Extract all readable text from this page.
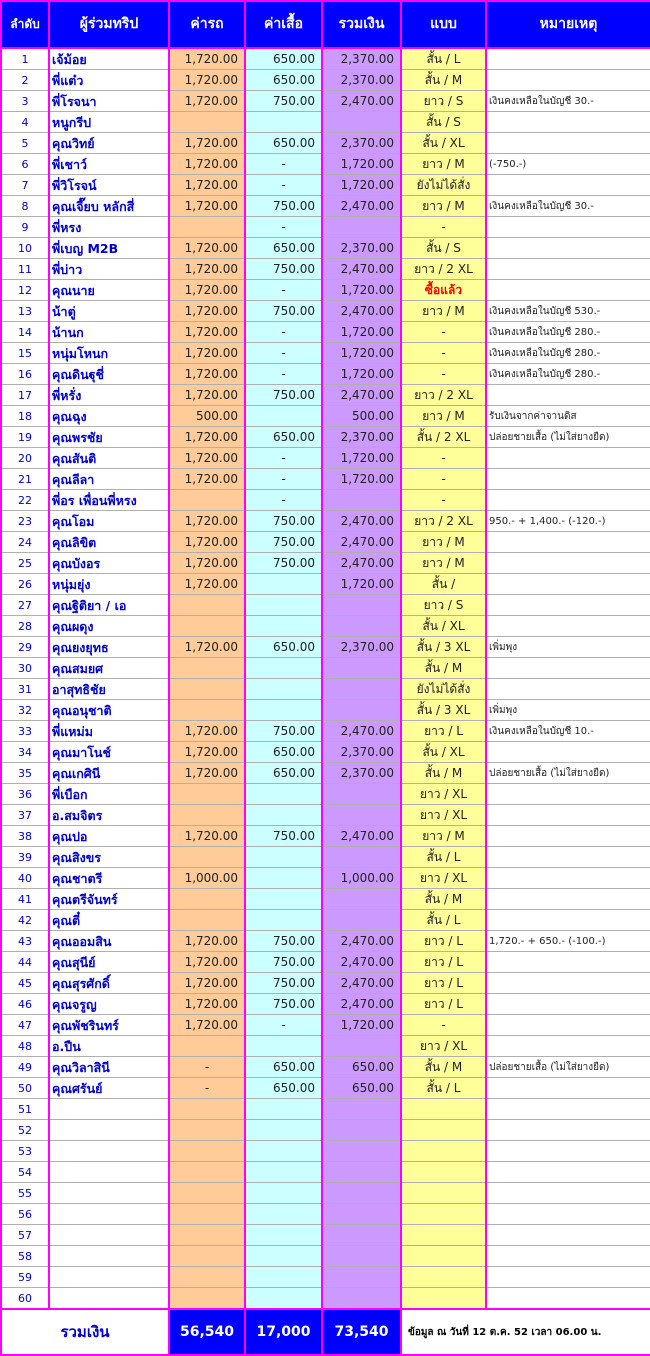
ลำดับ	ผู้ร่วมทริป	ค่ารถ	ค่าเสื้อ	รวมเงิน	แบบ	หมายเหตุ
1	เจ้ม้อย	1,720.00	650.00	2,370.00	สั้น / L	
2	พี่แต๋ว	1,720.00	650.00	2,370.00	สั้น / M	
3	พี่โรจนา	1,720.00	750.00	2,470.00	ยาว / S	เงินคงเหลือในบัญชี 30.-
4	หนูกรีป				สั้น / S	
5	คุณวิทย์	1,720.00	650.00	2,370.00	สั้น / XL	
6	พี่เชาว์	1,720.00	-	1,720.00	ยาว / M	(-750.-)
7	พี่วิโรจน์	1,720.00	-	1,720.00	ยังไม่ได้สั่ง	
8	คุณเจี๊ยบ หลักสี่	1,720.00	750.00	2,470.00	ยาว / M	เงินคงเหลือในบัญชี 30.-
9	พี่หรง		-		-	
10	พี่เบญ M2B	1,720.00	650.00	2,370.00	สั้น / S	
11	พี่บ่าว	1,720.00	750.00	2,470.00	ยาว / 2 XL	
12	คุณนาย	1,720.00	-	1,720.00	ซื้อแล้ว	
13	น้าตู่	1,720.00	750.00	2,470.00	ยาว / M	เงินคงเหลือในบัญชี 530.-
14	น้านก	1,720.00	-	1,720.00	-	เงินคงเหลือในบัญชี 280.-
15	หนุ่มโหนก	1,720.00	-	1,720.00	-	เงินคงเหลือในบัญชี 280.-
16	คุณดินฐุชี่	1,720.00	-	1,720.00	-	เงินคงเหลือในบัญชี 280.-
17	พี่หรั่ง	1,720.00	750.00	2,470.00	ยาว / 2 XL	
18	คุณฉุง	500.00		500.00	ยาว / M	รับเงินจากค่าจานดิส
19	คุณพรชัย	1,720.00	650.00	2,370.00	สั้น / 2 XL	ปล่อยชายเสื้อ (ไม่ใส่ยางยืด)
20	คุณสันติ	1,720.00	-	1,720.00	-	
21	คุณลีลา	1,720.00	-	1,720.00	-	
22	พี่อร เพื่อนพี่หรง		-		-	
23	คุณโอม	1,720.00	750.00	2,470.00	ยาว / 2 XL	950.- + 1,400.- (-120.-)
24	คุณลิขิต	1,720.00	750.00	2,470.00	ยาว / M	
25	คุณบังอร	1,720.00	750.00	2,470.00	ยาว / M	
26	หนุ่มยุ่ง	1,720.00		1,720.00	สั้น /	
27	คุณฐิติยา / เอ				ยาว / S	
28	คุณผดุง				สั้น / XL	
29	คุณยงยุทธ	1,720.00	650.00	2,370.00	สั้น / 3 XL	เพิ่มพุง
30	คุณสมยศ				สั้น / M	
31	อาสุทธิชัย				ยังไม่ได้สั่ง	
32	คุณอนุชาติ				สั้น / 3 XL	เพิ่มพุง
33	พี่แหม่ม	1,720.00	750.00	2,470.00	ยาว / L	เงินคงเหลือในบัญชี 10.-
34	คุณมาโนช์	1,720.00	650.00	2,370.00	สั้น / XL	
35	คุณเกศินี	1,720.00	650.00	2,370.00	สั้น / M	ปล่อยชายเสื้อ (ไม่ใส่ยางยืด)
36	พี่เบือก				ยาว / XL	
37	อ.สมจิตร				ยาว / XL	
38	คุณปอ	1,720.00	750.00	2,470.00	ยาว / M	
39	คุณสิงขร				สั้น / L	
40	คุณชาตรี	1,000.00		1,000.00	ยาว / XL	
41	คุณตรีจันทร์				สั้น / M	
42	คุณตี๋				สั้น / L	
43	คุณออมสิน	1,720.00	750.00	2,470.00	ยาว / L	1,720.- + 650.- (-100.-)
44	คุณสุนีย์	1,720.00	750.00	2,470.00	ยาว / L	
45	คุณสุรศักดิ์	1,720.00	750.00	2,470.00	ยาว / L	
46	คุณจรูญ	1,720.00	750.00	2,470.00	ยาว / L	
47	คุณพัชรินทร์	1,720.00	-	1,720.00	-	
48	อ.ปืน				ยาว / XL	
49	คุณวิลาสินี	-	650.00	650.00	สั้น / M	ปล่อยชายเสื้อ (ไม่ใส่ยางยืด)
50	คุณศรันย์	-	650.00	650.00	สั้น / L	
51						
52						
53						
54						
55						
56						
57						
58						
59						
60						
รวมเงิน		56,540	17,000	73,540	ข้อมูล ณ วันที่ 12 ต.ค. 52 เวลา 06.00 น.	
